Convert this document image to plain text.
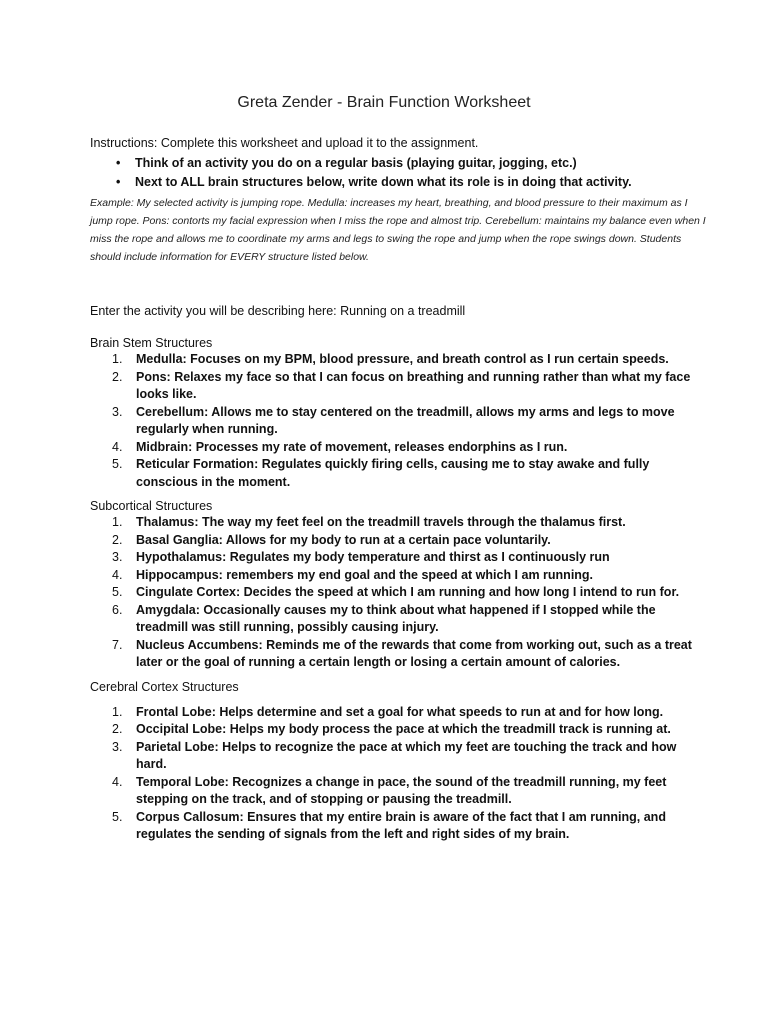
Greta Zender - Brain Function Worksheet
Instructions: Complete this worksheet and upload it to the assignment.
• Think of an activity you do on a regular basis (playing guitar, jogging, etc.)
• Next to ALL brain structures below, write down what its role is in doing that activity.
Example: My selected activity is jumping rope. Medulla: increases my heart, breathing, and blood pressure to their maximum as I jump rope. Pons: contorts my facial expression when I miss the rope and almost trip. Cerebellum: maintains my balance even when I miss the rope and allows me to coordinate my arms and legs to swing the rope and jump when the rope swings down. Students should include information for EVERY structure listed below.
Enter the activity you will be describing here: Running on a treadmill
Brain Stem Structures
1. Medulla: Focuses on my BPM, blood pressure, and breath control as I run certain speeds.
2. Pons: Relaxes my face so that I can focus on breathing and running rather than what my face looks like.
3. Cerebellum: Allows me to stay centered on the treadmill, allows my arms and legs to move regularly when running.
4. Midbrain: Processes my rate of movement, releases endorphins as I run.
5. Reticular Formation: Regulates quickly firing cells, causing me to stay awake and fully conscious in the moment.
Subcortical Structures
1. Thalamus: The way my feet feel on the treadmill travels through the thalamus first.
2. Basal Ganglia: Allows for my body to run at a certain pace voluntarily.
3. Hypothalamus: Regulates my body temperature and thirst as I continuously run
4. Hippocampus: remembers my end goal and the speed at which I am running.
5. Cingulate Cortex: Decides the speed at which I am running and how long I intend to run for.
6. Amygdala: Occasionally causes my to think about what happened if I stopped while the treadmill was still running, possibly causing injury.
7. Nucleus Accumbens: Reminds me of the rewards that come from working out, such as a treat later or the goal of running a certain length or losing a certain amount of calories.
Cerebral Cortex Structures
1. Frontal Lobe: Helps determine and set a goal for what speeds to run at and for how long.
2. Occipital Lobe: Helps my body process the pace at which the treadmill track is running at.
3. Parietal Lobe: Helps to recognize the pace at which my feet are touching the track and how hard.
4. Temporal Lobe: Recognizes a change in pace, the sound of the treadmill running, my feet stepping on the track, and of stopping or pausing the treadmill.
5. Corpus Callosum: Ensures that my entire brain is aware of the fact that I am running, and regulates the sending of signals from the left and right sides of my brain.
